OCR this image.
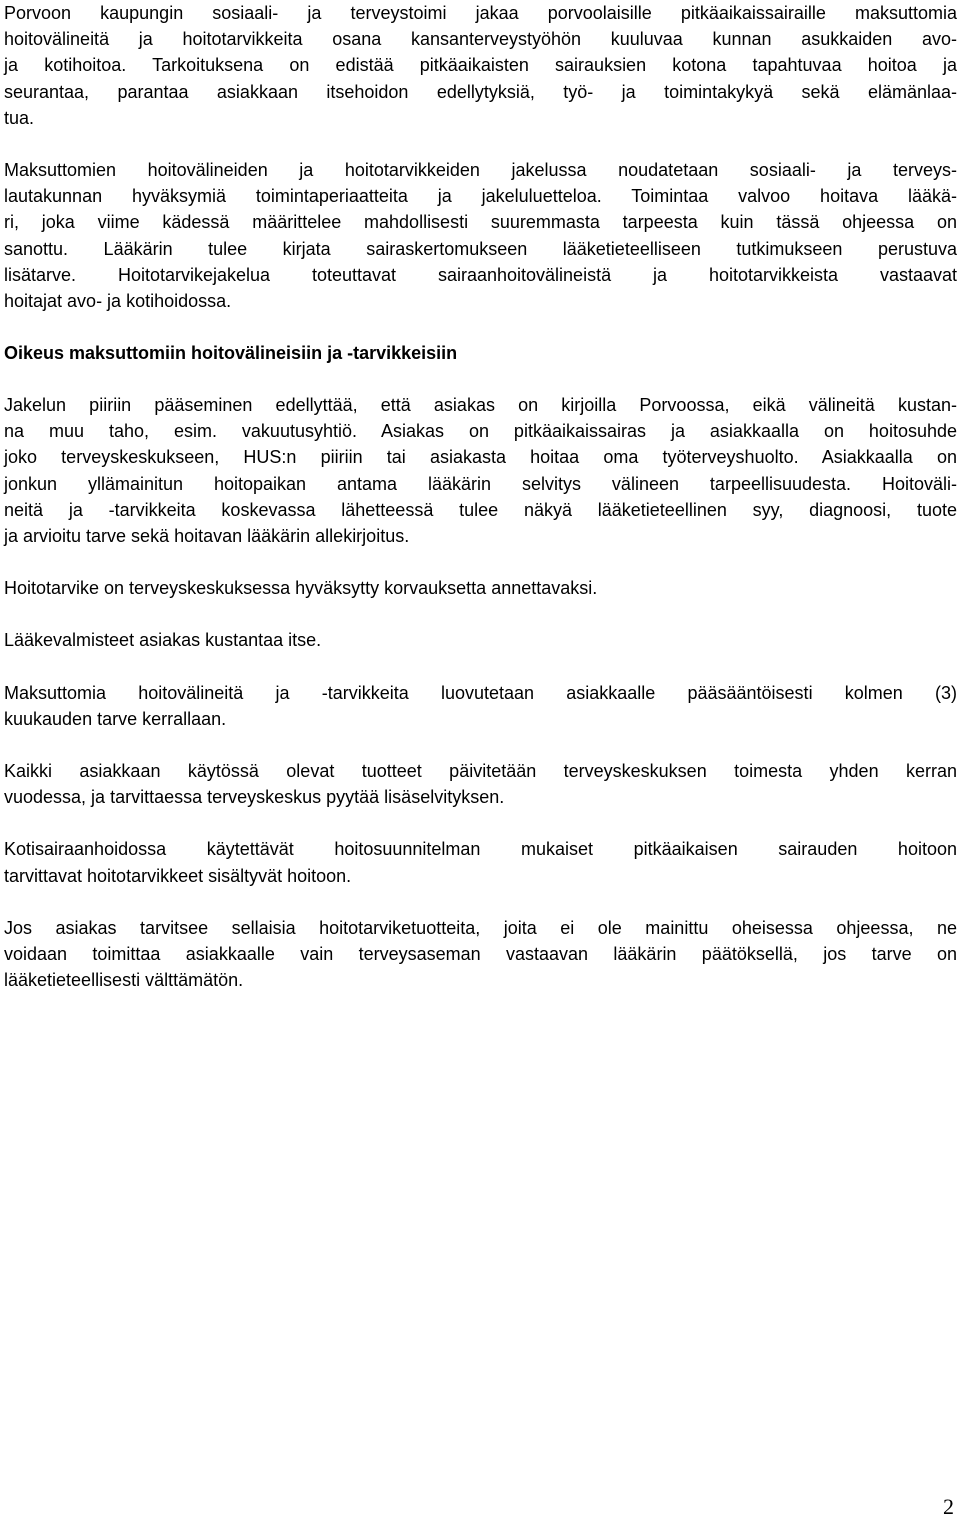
Porvoon kaupungin sosiaali- ja terveystoimi jakaa porvoolaisille pitkäaikaissairaille maksuttomia
hoitovälineitä ja hoitotarvikkeita osana kansanterveystyöhön kuuluvaa kunnan asukkaiden avo-
ja kotihoitoa. Tarkoituksena on edistää pitkäaikaisten sairauksien kotona tapahtuvaa hoitoa ja
seurantaa, parantaa asiakkaan itsehoidon edellytyksiä, työ- ja toimintakykyä sekä elämänlaa-
tua.
Maksuttomien hoitovälineiden ja hoitotarvikkeiden jakelussa noudatetaan sosiaali- ja terveys-
lautakunnan hyväksymiä toimintaperiaatteita ja jakeluluetteloa. Toimintaa valvoo hoitava lääkä-
ri, joka viime kädessä määrittelee mahdollisesti suuremmasta tarpeesta kuin tässä ohjeessa on
sanottu. Lääkärin tulee kirjata sairaskertomukseen lääketieteelliseen tutkimukseen perustuva
lisätarve. Hoitotarvikejakelua toteuttavat sairaanhoitovälineistä ja hoitotarvikkeista vastaavat
hoitajat avo- ja kotihoidossa.
Oikeus maksuttomiin hoitovälineisiin ja -tarvikkeisiin
Jakelun piiriin pääseminen edellyttää, että asiakas on kirjoilla Porvoossa, eikä välineitä kustan-
na muu taho, esim. vakuutusyhtiö. Asiakas on pitkäaikaissairas ja asiakkaalla on hoitosuhde
joko terveyskeskukseen, HUS:n piiriin tai asiakasta hoitaa oma työterveyshuolto. Asiakkaalla on
jonkun yllämainitun hoitopaikan antama lääkärin selvitys välineen tarpeellisuudesta. Hoitoväli-
neitä ja -tarvikkeita koskevassa lähetteessä tulee näkyä lääketieteellinen syy, diagnoosi, tuote
ja arvioitu tarve sekä hoitavan lääkärin allekirjoitus.
Hoitotarvike on terveyskeskuksessa hyväksytty korvauksetta annettavaksi.
Lääkevalmisteet asiakas kustantaa itse.
Maksuttomia hoitovälineitä ja -tarvikkeita luovutetaan asiakkaalle pääsääntöisesti kolmen (3)
kuukauden tarve kerrallaan.
Kaikki asiakkaan käytössä olevat tuotteet päivitetään terveyskeskuksen toimesta yhden kerran
vuodessa, ja tarvittaessa terveyskeskus pyytää lisäselvityksen.
Kotisairaanhoidossa käytettävät hoitosuunnitelman mukaiset pitkäaikaisen sairauden hoitoon
tarvittavat hoitotarvikkeet sisältyvät hoitoon.
Jos asiakas tarvitsee sellaisia hoitotarviketuotteita, joita ei ole mainittu oheisessa ohjeessa, ne
voidaan toimittaa asiakkaalle vain terveysaseman vastaavan lääkärin päätöksellä, jos tarve on
lääketieteellisesti välttämätön.
2
